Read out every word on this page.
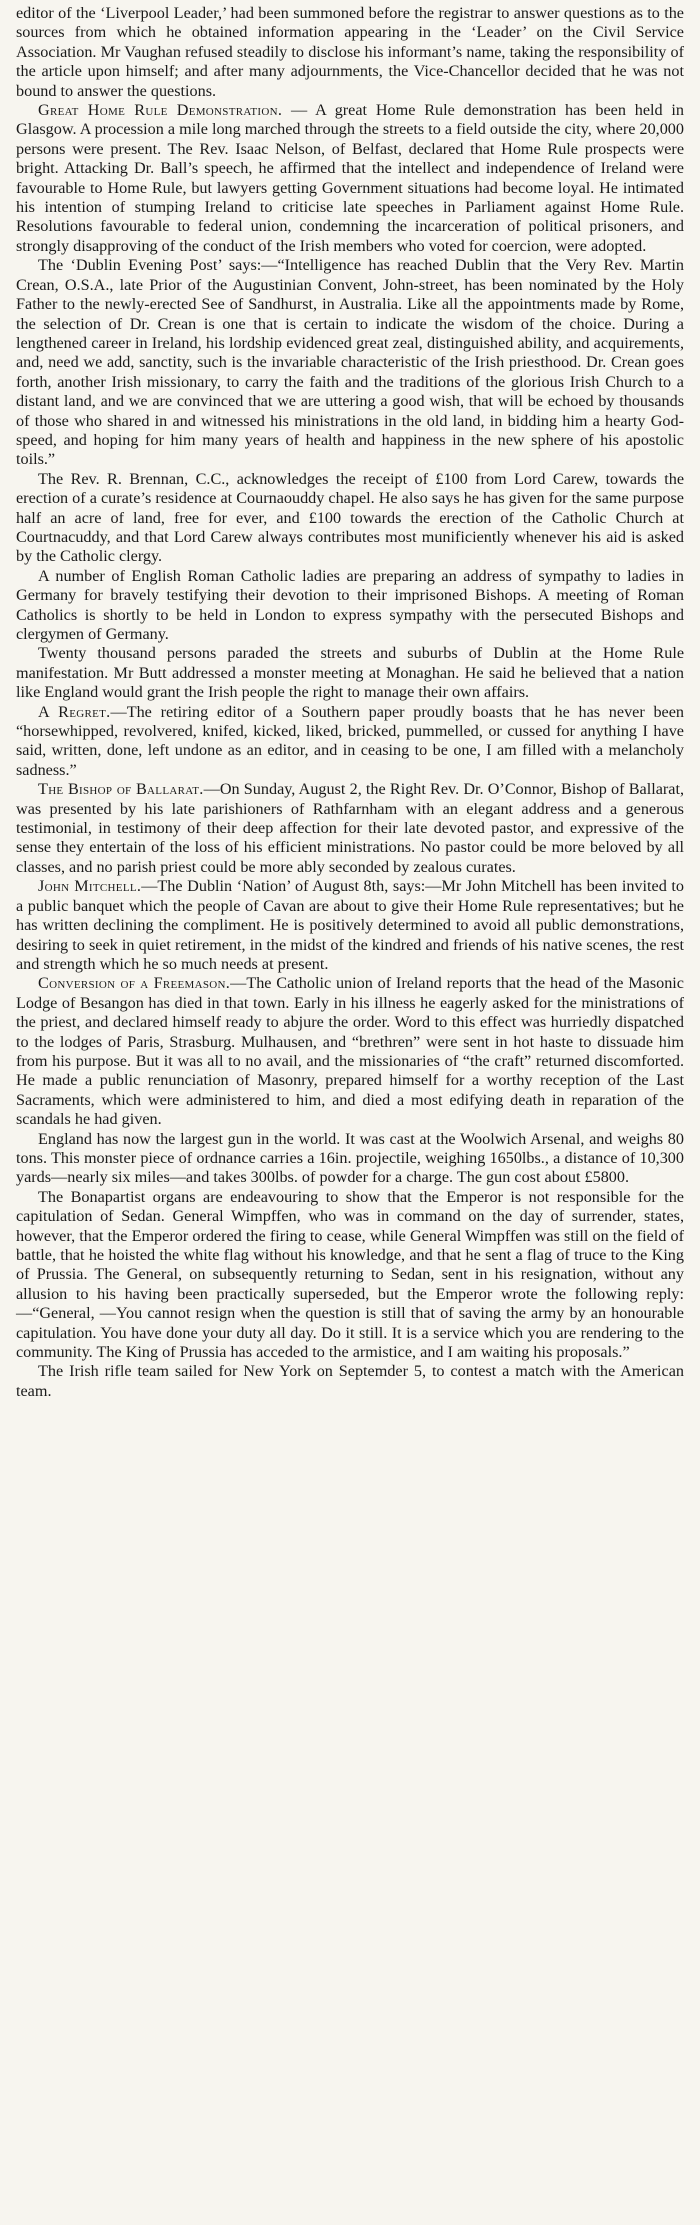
editor of the ‘Liverpool Leader,’ had been summoned before the registrar to answer questions as to the sources from which he obtained information appearing in the ‘Leader’ on the Civil Service Association. Mr Vaughan refused steadily to disclose his informant’s name, taking the responsibility of the article upon himself; and after many adjournments, the Vice-Chancellor decided that he was not bound to answer the questions.

Great Home Rule Demonstration. — A great Home Rule demonstration has been held in Glasgow. A procession a mile long marched through the streets to a field outside the city, where 20,000 persons were present. The Rev. Isaac Nelson, of Belfast, declared that Home Rule prospects were bright. Attacking Dr. Ball’s speech, he affirmed that the intellect and independence of Ireland were favourable to Home Rule, but lawyers getting Government situations had become loyal. He intimated his intention of stumping Ireland to criticise late speeches in Parliament against Home Rule. Resolutions favourable to federal union, condemning the incarceration of political prisoners, and strongly disapproving of the conduct of the Irish members who voted for coercion, were adopted.

The ‘Dublin Evening Post’ says:—“Intelligence has reached Dublin that the Very Rev. Martin Crean, O.S.A., late Prior of the Augustinian Convent, John-street, has been nominated by the Holy Father to the newly-erected See of Sandhurst, in Australia. Like all the appointments made by Rome, the selection of Dr. Crean is one that is certain to indicate the wisdom of the choice. During a lengthened career in Ireland, his lordship evidenced great zeal, distinguished ability, and acquirements, and, need we add, sanctity, such is the invariable characteristic of the Irish priesthood. Dr. Crean goes forth, another Irish missionary, to carry the faith and the traditions of the glorious Irish Church to a distant land, and we are convinced that we are uttering a good wish, that will be echoed by thousands of those who shared in and witnessed his ministrations in the old land, in bidding him a hearty God-speed, and hoping for him many years of health and happiness in the new sphere of his apostolic toils.”

The Rev. R. Brennan, C.C., acknowledges the receipt of £100 from Lord Carew, towards the erection of a curate’s residence at Cournaouddy chapel. He also says he has given for the same purpose half an acre of land, free for ever, and £100 towards the erection of the Catholic Church at Courtnacuddy, and that Lord Carew always contributes most munificiently whenever his aid is asked by the Catholic clergy.

A number of English Roman Catholic ladies are preparing an address of sympathy to ladies in Germany for bravely testifying their devotion to their imprisoned Bishops. A meeting of Roman Catholics is shortly to be held in London to express sympathy with the persecuted Bishops and clergymen of Germany.

Twenty thousand persons paraded the streets and suburbs of Dublin at the Home Rule manifestation. Mr Butt addressed a monster meeting at Monaghan. He said he believed that a nation like England would grant the Irish people the right to manage their own affairs.

A Regret.—The retiring editor of a Southern paper proudly boasts that he has never been “horsewhipped, revolvered, knifed, kicked, liked, bricked, pummelled, or cussed for anything I have said, written, done, left undone as an editor, and in ceasing to be one, I am filled with a melancholy sadness.”

The Bishop of Ballarat.—On Sunday, August 2, the Right Rev. Dr. O’Connor, Bishop of Ballarat, was presented by his late parishioners of Rathfarnham with an elegant address and a generous testimonial, in testimony of their deep affection for their late devoted pastor, and expressive of the sense they entertain of the loss of his efficient ministrations. No pastor could be more beloved by all classes, and no parish priest could be more ably seconded by zealous curates.

John Mitchell.—The Dublin ‘Nation’ of August 8th, says:—Mr John Mitchell has been invited to a public banquet which the people of Cavan are about to give their Home Rule representatives; but he has written declining the compliment. He is positively determined to avoid all public demonstrations, desiring to seek in quiet retirement, in the midst of the kindred and friends of his native scenes, the rest and strength which he so much needs at present.

Conversion of a Freemason.—The Catholic union of Ireland reports that the head of the Masonic Lodge of Besangon has died in that town. Early in his illness he eagerly asked for the ministrations of the priest, and declared himself ready to abjure the order. Word to this effect was hurriedly dispatched to the lodges of Paris, Strasburg. Mulhausen, and “brethren” were sent in hot haste to dissuade him from his purpose. But it was all to no avail, and the missionaries of “the craft” returned discomforted. He made a public renunciation of Masonry, prepared himself for a worthy reception of the Last Sacraments, which were administered to him, and died a most edifying death in reparation of the scandals he had given.

England has now the largest gun in the world. It was cast at the Woolwich Arsenal, and weighs 80 tons. This monster piece of ordnance carries a 16in. projectile, weighing 1650lbs., a distance of 10,300 yards—nearly six miles—and takes 300lbs. of powder for a charge. The gun cost about £5800.

The Bonapartist organs are endeavouring to show that the Emperor is not responsible for the capitulation of Sedan. General Wimpffen, who was in command on the day of surrender, states, however, that the Emperor ordered the firing to cease, while General Wimpffen was still on the field of battle, that he hoisted the white flag without his knowledge, and that he sent a flag of truce to the King of Prussia. The General, on subsequently returning to Sedan, sent in his resignation, without any allusion to his having been practically superseded, but the Emperor wrote the following reply:—“General, —You cannot resign when the question is still that of saving the army by an honourable capitulation. You have done your duty all day. Do it still. It is a service which you are rendering to the community. The King of Prussia has acceded to the armistice, and I am waiting his proposals.”

The Irish rifle team sailed for New York on Septemder 5, to contest a match with the American team.
